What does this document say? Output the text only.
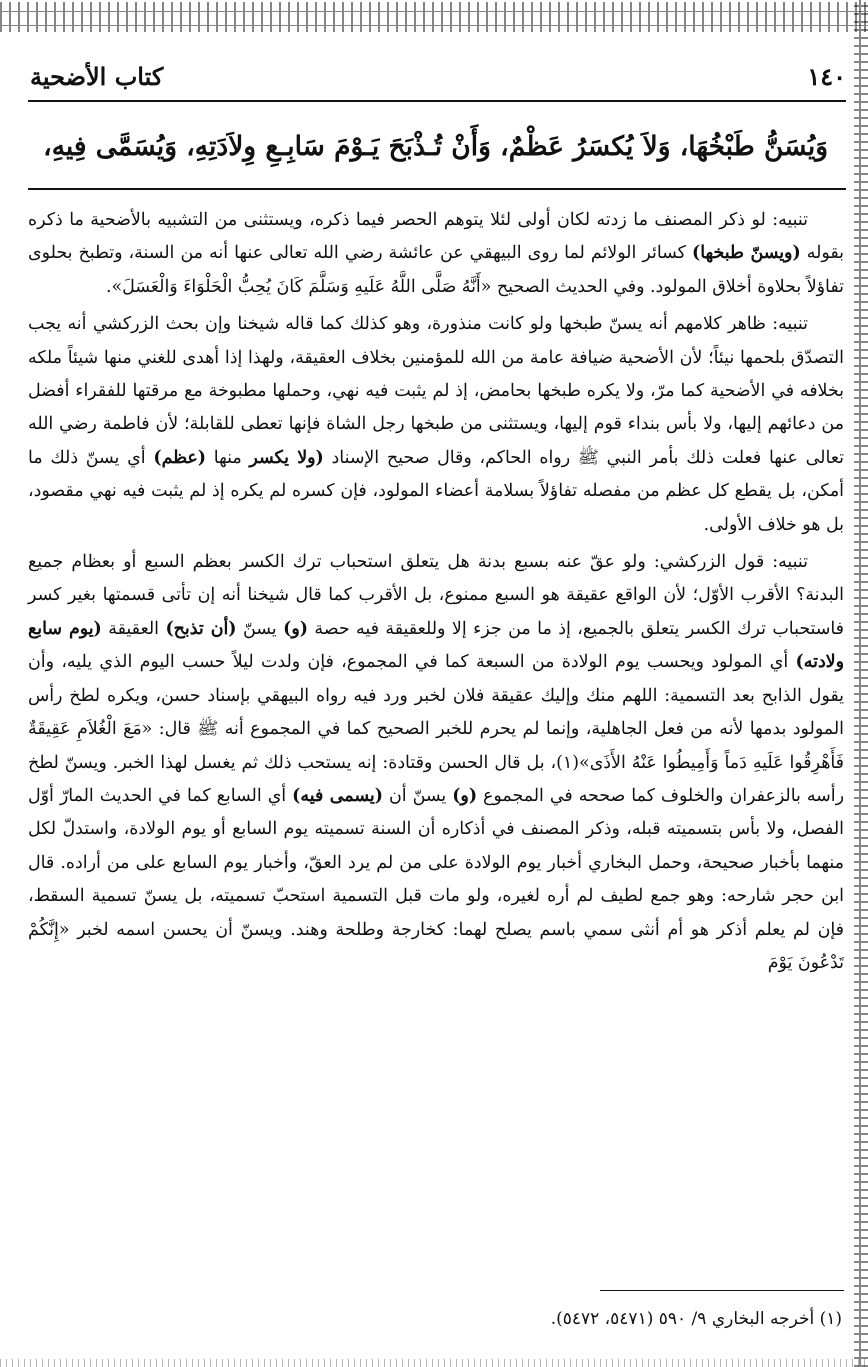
١٤٠
كتاب الأضحية
وَيُسَنُّ طَبْخُهَا، وَلاَ يُكسَرُ عَظْمٌ، وَأَنْ تُـذْبَحَ يَـوْمَ سَابِـعِ وِلاَدَتِهِ، وَيُسَمَّى فِيهِ،

تنبيه: لو ذكر المصنف ما زدته لكان أولى لئلا يتوهم الحصر فيما ذكره، ويستثنى من التشبيه بالأضحية ما ذكره بقوله (ويسنّ طبخها) كسائر الولائم لما روى البيهقي عن عائشة رضي الله تعالى عنها أنه من السنة، وتطبخ بحلوى تفاؤلاً بحلاوة أخلاق المولود. وفي الحديث الصحيح «أَنَّهُ صَلَّى اللَّهُ عَلَيهِ وَسَلَّمَ كَانَ يُحِبُّ الْحَلْوَاءَ وَالْعَسَلَ».

تنبيه: ظاهر كلامهم أنه يسنّ طبخها ولو كانت منذورة، وهو كذلك كما قاله شيخنا وإن بحث الزركشي أنه يجب التصدّق بلحمها نيئاً؛ لأن الأضحية ضيافة عامة من الله للمؤمنين بخلاف العقيقة، ولهذا إذا أهدى للغني منها شيئاً ملكه بخلافه في الأضحية كما مرّ، ولا يكره طبخها بحامض، إذ لم يثبت فيه نهي، وحملها مطبوخة مع مرقتها للفقراء أفضل من دعائهم إليها، ولا بأس بنداء قوم إليها، ويستثنى من طبخها رجل الشاة فإنها تعطى للقابلة؛ لأن فاطمة رضي الله تعالى عنها فعلت ذلك بأمر النبي ﷺ رواه الحاكم، وقال صحيح الإسناد (ولا يكسر منها (عظم) أي يسنّ ذلك ما أمكن، بل يقطع كل عظم من مفصله تفاؤلاً بسلامة أعضاء المولود، فإن كسره لم يكره إذ لم يثبت فيه نهي مقصود، بل هو خلاف الأولى.

تنبيه: قول الزركشي: ولو عقّ عنه بسبع بدنة هل يتعلق استحباب ترك الكسر بعظم السبع أو بعظام جميع البدنة؟ الأقرب الأوّل؛ لأن الواقع عقيقة هو السبع ممنوع، بل الأقرب كما قال شيخنا أنه إن تأتى قسمتها بغير كسر فاستحباب ترك الكسر يتعلق بالجميع، إذ ما من جزء إلا وللعقيقة فيه حصة (و) يسنّ (أن تذبح) العقيقة (يوم سابع ولادته) أي المولود ويحسب يوم الولادة من السبعة كما في المجموع، فإن ولدت ليلاً حسب اليوم الذي يليه، وأن يقول الذابح بعد التسمية: اللهم منك وإليك عقيقة فلان لخبر ورد فيه رواه البيهقي بإسناد حسن، ويكره لطخ رأس المولود بدمها لأنه من فعل الجاهلية، وإنما لم يحرم للخبر الصحيح كما في المجموع أنه ﷺ قال: «مَعَ الْغُلاَمِ عَقِيقَةٌ فَأَهْرِقُوا عَلَيهِ دَماً وَأَمِيطُوا عَنْهُ الأَذَى»(١)، بل قال الحسن وقتادة: إنه يستحب ذلك ثم يغسل لهذا الخبر. ويسنّ لطخ رأسه بالزعفران والخلوف كما صححه في المجموع (و) يسنّ أن (يسمى فيه) أي السابع كما في الحديث المارّ أوّل الفصل، ولا بأس بتسميته قبله، وذكر المصنف في أذكاره أن السنة تسميته يوم السابع أو يوم الولادة، واستدلّ لكل منهما بأخبار صحيحة، وحمل البخاري أخبار يوم الولادة على من لم يرد العقّ، وأخبار يوم السابع على من أراده. قال ابن حجر شارحه: وهو جمع لطيف لم أره لغيره، ولو مات قبل التسمية استحبّ تسميته، بل يسنّ تسمية السقط، فإن لم يعلم أذكر هو أم أنثى سمي باسم يصلح لهما: كخارجة وطلحة وهند. ويسنّ أن يحسن اسمه لخبر «إِنَّكُمْ تَدْعُونَ يَوْمَ

(١) أخرجه البخاري ٩/ ٥٩٠ (٥٤٧١، ٥٤٧٢).
